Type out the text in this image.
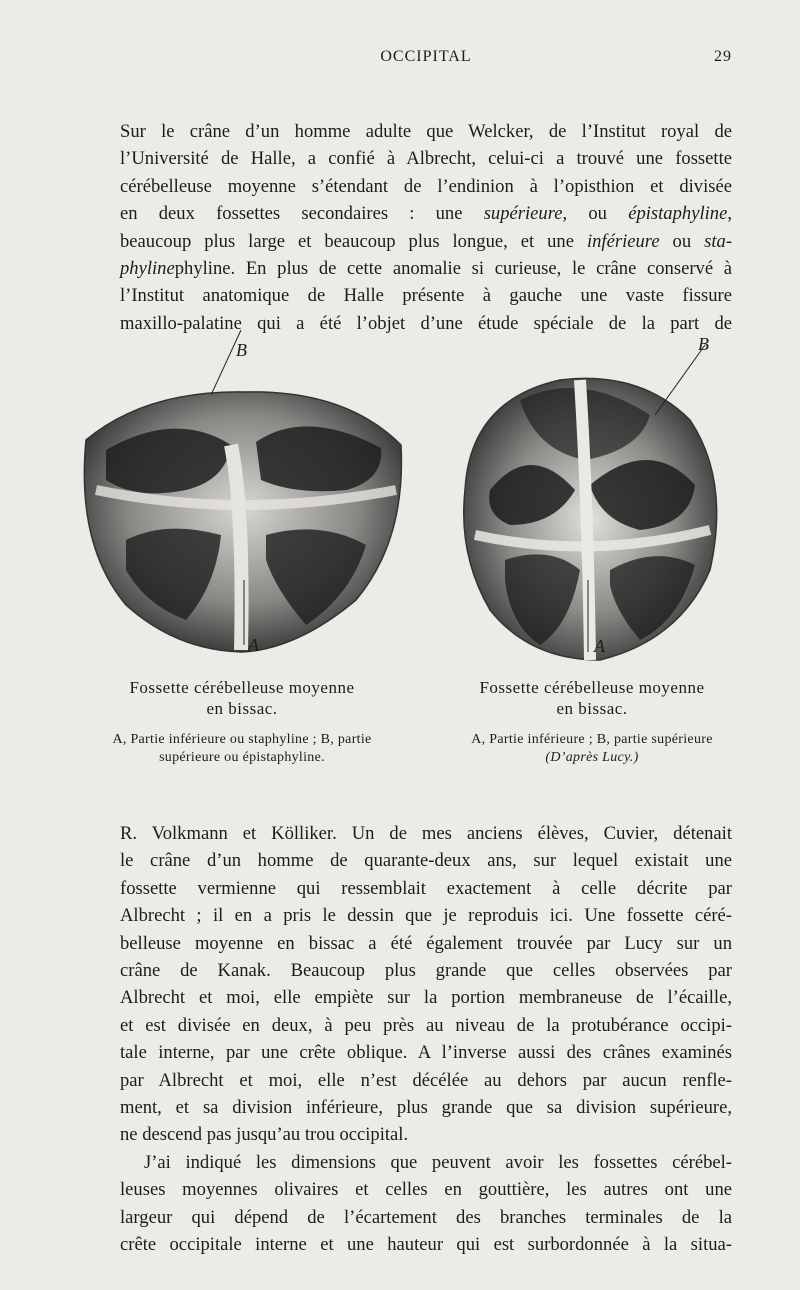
OCCIPITAL	29
Sur le crâne d’un homme adulte que Welcker, de l’Institut royal de
l’Université de Halle, a confié à Albrecht, celui-ci a trouvé une fossette
cérébelleuse moyenne s’étendant de l’endinion à l’opisthion et divisée
en deux fossettes secondaires : une supérieure, ou épistaphyline,
beaucoup plus large et beaucoup plus longue, et une inférieure ou sta-
phylinephyline. En plus de cette anomalie si curieuse, le crâne conservé à
l’Institut anatomique de Halle présente à gauche une vaste fissure
maxillo-palatine qui a été l’objet d’une étude spéciale de la part de
B
A
B
A
Fossette cérébelleuse moyenne
en bissac.
A, Partie inférieure ou staphyline ; B, partie
supérieure ou épistaphyline.
Fossette cérébelleuse moyenne
en bissac.
A, Partie inférieure ; B, partie supérieure
(D’après Lucy.)
R. Volkmann et Kölliker. Un de mes anciens élèves, Cuvier, détenait
le crâne d’un homme de quarante-deux ans, sur lequel existait une
fossette vermienne qui ressemblait exactement à celle décrite par
Albrecht ; il en a pris le dessin que je reproduis ici. Une fossette céré-
belleuse moyenne en bissac a été également trouvée par Lucy sur un
crâne de Kanak. Beaucoup plus grande que celles observées par
Albrecht et moi, elle empiète sur la portion membraneuse de l’écaille,
et est divisée en deux, à peu près au niveau de la protubérance occipi-
tale interne, par une crête oblique. A l’inverse aussi des crânes examinés
par Albrecht et moi, elle n’est décélée au dehors par aucun renfle-
ment, et sa division inférieure, plus grande que sa division supérieure,
ne descend pas jusqu’au trou occipital.
J’ai indiqué les dimensions que peuvent avoir les fossettes cérébel-
leuses moyennes olivaires et celles en gouttière, les autres ont une
largeur qui dépend de l’écartement des branches terminales de la
crête occipitale interne et une hauteur qui est surbordonnée à la situa-
